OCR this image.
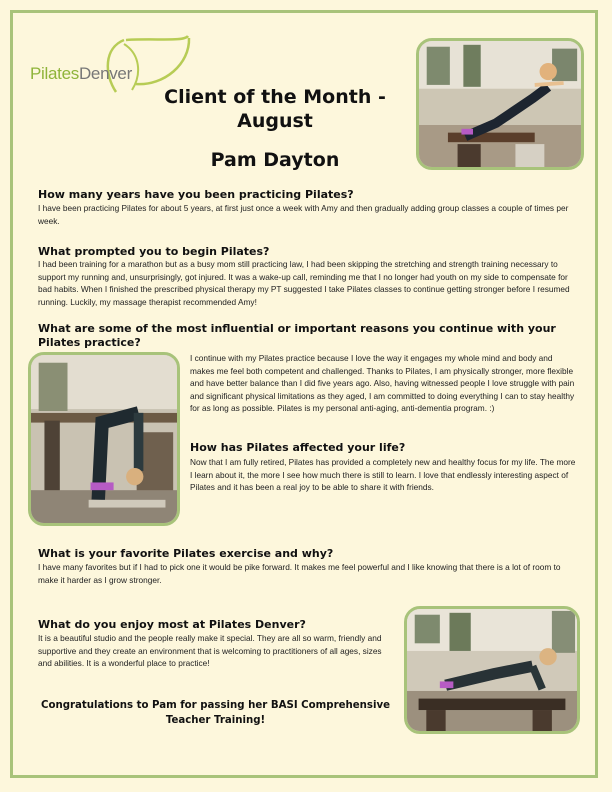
PilatesDenver
Client of the Month - August
Pam Dayton
How many years have you been practicing Pilates?
I have been practicing Pilates for about 5 years, at first just once a week with Amy and then gradually adding group classes a couple of times per week.
What prompted you to begin Pilates?
I had been training for a marathon but as a busy mom still practicing law, I had been skipping the stretching and strength training necessary to support my running and, unsurprisingly, got injured. It was a wake-up call, reminding me that I no longer had youth on my side to compensate for bad habits. When I finished the prescribed physical therapy my PT suggested I take Pilates classes to continue getting stronger before I resumed running. Luckily, my massage therapist recommended Amy!
What are some of the most influential or important reasons you continue with your Pilates practice?
I continue with my Pilates practice because I love the way it engages my whole mind and body and makes me feel both competent and challenged. Thanks to Pilates, I am physically stronger, more flexible and have better balance than I did five years ago. Also, having witnessed people I love struggle with pain and significant physical limitations as they aged, I am committed to doing everything I can to stay healthy for as long as possible. Pilates is my personal anti-aging, anti-dementia program. :)
How has Pilates affected your life?
Now that I am fully retired, Pilates has provided a completely new and healthy focus for my life. The more I learn about it, the more I see how much there is still to learn. I love that endlessly interesting aspect of Pilates and it has been a real joy to be able to share it with friends.
What is your favorite Pilates exercise and why?
I have many favorites but if I had to pick one it would be pike forward. It makes me feel powerful and I like knowing that there is a lot of room to make it harder as I grow stronger.
What do you enjoy most at Pilates Denver?
It is a beautiful studio and the people really make it special. They are all so warm, friendly and supportive and they create an environment that is welcoming to practitioners of all ages, sizes and abilities. It is a wonderful place to practice!
Congratulations to Pam for passing her BASI Comprehensive Teacher Training!
